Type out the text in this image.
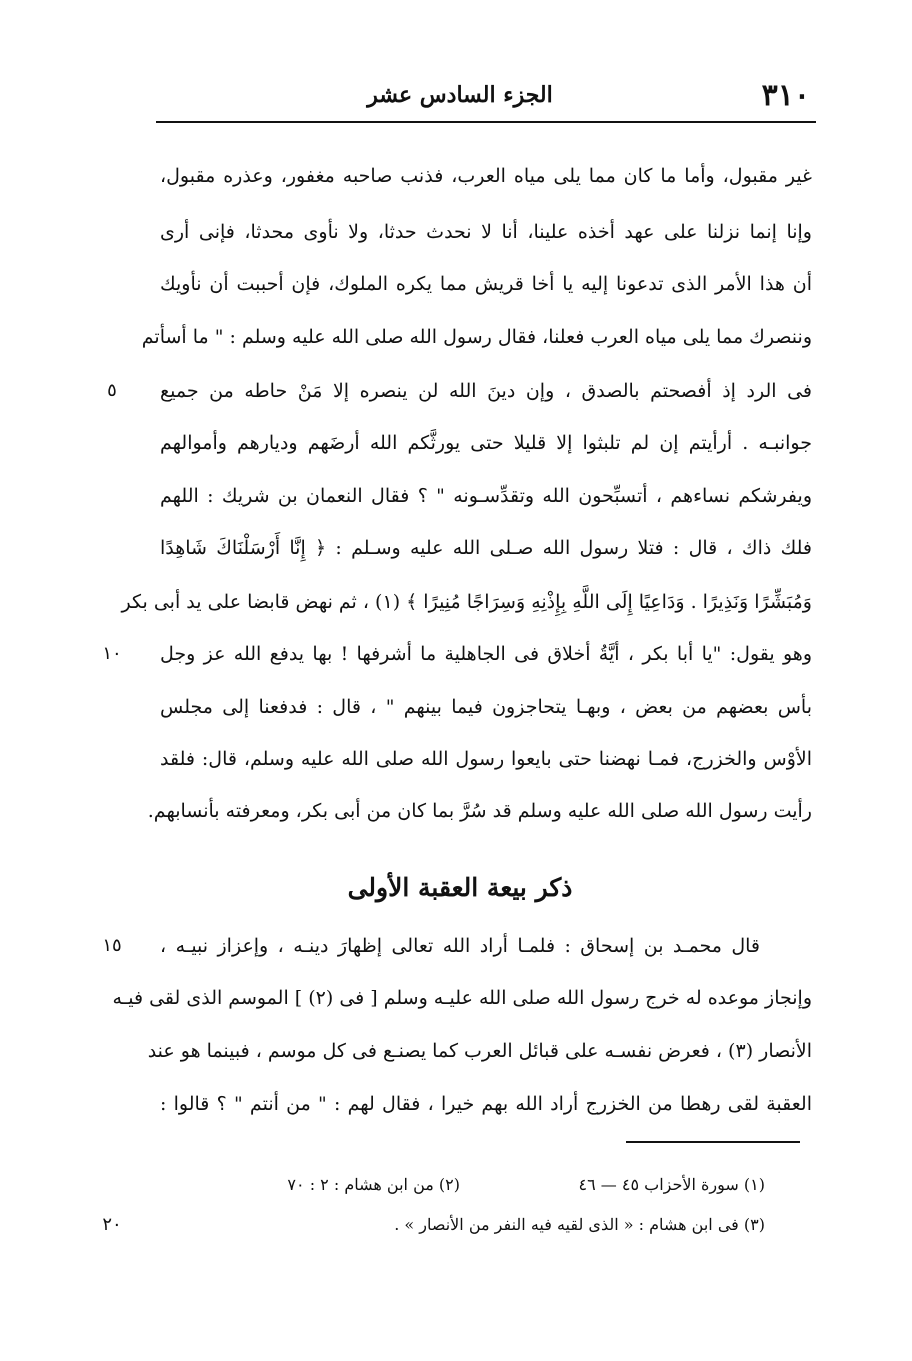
٣١٠
الجزء السادس عشر
غير مقبول، وأما ما كان مما يلى مياه العرب، فذنب صاحبه مغفور، وعذره مقبول،
وإنا إنما نزلنا على عهد أخذه علينا، أنا لا نحدث حدثا، ولا نأوى محدثا، فإنى أرى
أن هذا الأمر الذى تدعونا إليه يا أخا قريش مما يكره الملوك، فإن أحببت أن نأويك
وننصرك مما يلى مياه العرب فعلنا، فقال رسول الله صلى الله عليه وسلم : " ما أسأتم
فى الرد إذ أفصحتم بالصدق ، وإن دينَ الله لن ينصره إلا مَنْ حاطه من جميع
جوانبـه . أرأيتم إن لم تلبثوا إلا قليلا حتى يورثَّكم الله أرضَهم وديارهم وأموالهم
ويفرشكم نساءهم ، أتسبِّحون الله وتقدِّسـونه " ؟ فقال النعمان بن شريك : اللهم
فلك ذاك ، قال : فتلا رسول الله صـلى الله عليه وسـلم : ﴿ إِنَّا أَرْسَلْنَاكَ شَاهِدًا
وَمُبَشِّرًا وَنَذِيرًا . وَدَاعِيًا إِلَى اللَّهِ بِإِذْنِهِ وَسِرَاجًا مُنِيرًا ﴾ (١) ، ثم نهض قابضا على يد أبى بكر
وهو يقول: "يا أبا بكر ، أيَّةُ أخلاق فى الجاهلية ما أشرفها ! بها يدفع الله عز وجل
بأس بعضهم من بعض ، وبهـا يتحاجزون فيما بينهم " ، قال : فدفعنا إلى مجلس
الأوْس والخزرج، فمـا نهضنا حتى بايعوا رسول الله صلى الله عليه وسلم، قال: فلقد
رأيت رسول الله صلى الله عليه وسلم قد سُرَّ بما كان من أبى بكر، ومعرفته بأنسابهم.
ذكر بيعة العقبة الأولى
قال محمـد بن إسحاق : فلمـا أراد الله تعالى إظهارَ دينـه ، وإعزاز نبيـه ،
وإنجاز موعده له خرج رسول الله صلى الله عليـه وسلم [ فى (٢) ] الموسم الذى لقى فيـه
الأنصار (٣) ، فعرض نفسـه على قبائل العرب كما يصنـع فى كل موسم ، فبينما هو عند
العقبة لقى رهطا من الخزرج أراد الله بهم خيرا ، فقال لهم : " من أنتم " ؟ قالوا :
٥
١٠
١٥
٢٠
(١) سورة الأحزاب ٤٥ — ٤٦
(٢) من ابن هشام : ٢ : ٧٠
(٣) فى ابن هشام : « الذى لقيه فيه النفر من الأنصار » .
